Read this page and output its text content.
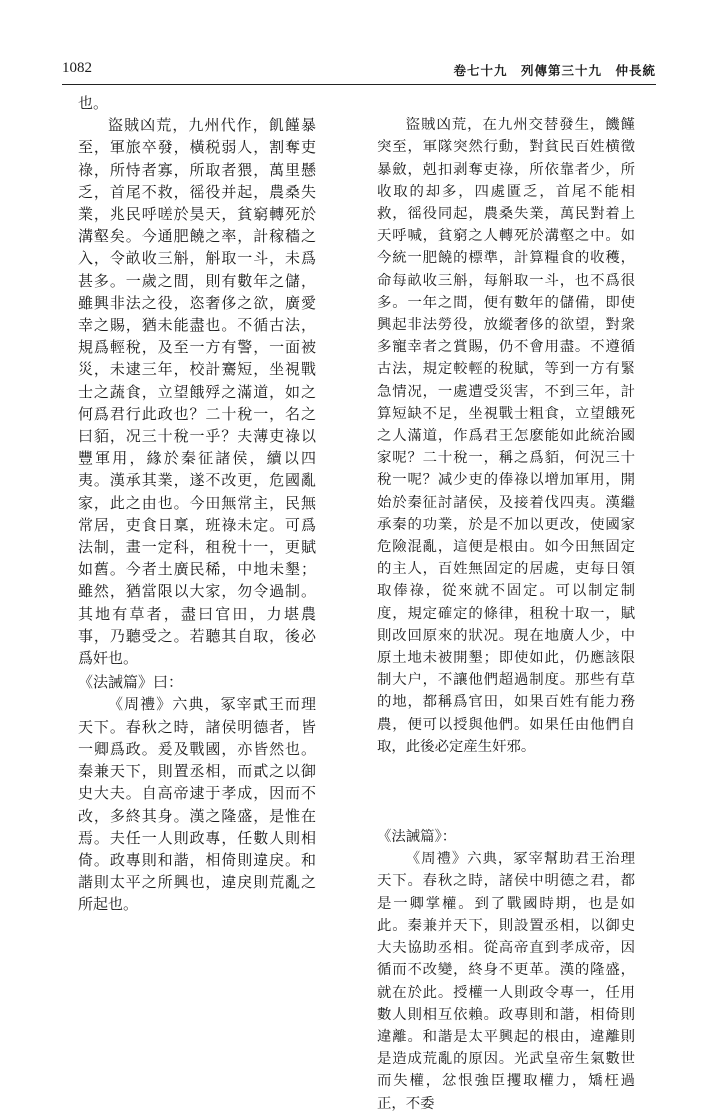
1082	卷七十九　列傳第三十九　仲長統

也。

盜賊凶荒，九州代作，飢饉暴至，軍旅卒發，橫税弱人，割奪吏祿，所恃者寡，所取者猥，萬里懸乏，首尾不救，徭役并起，農桑失業，兆民呼嗟於昊天，貧窮轉死於溝壑矣。今通肥饒之率，計稼穡之入，令畝收三斛，斛取一斗，未爲甚多。一歲之間，則有數年之儲，雖興非法之役，恣奢侈之欲，廣愛幸之賜，猶未能盡也。不循古法，規爲輕稅，及至一方有警，一面被災，未逮三年，校計騫短，坐視戰士之蔬食，立望餓殍之滿道，如之何爲君行此政也？二十稅一，名之曰貊，况三十稅一乎？夫薄吏祿以豐軍用，緣於秦征諸侯，續以四夷。漢承其業，遂不改更，危國亂家，此之由也。今田無常主，民無常居，吏食日稟，班祿未定。可爲法制，畫一定科，租稅十一，更賦如舊。今者土廣民稀，中地未墾；雖然，猶當限以大家，勿令過制。其地有草者，盡曰官田，力堪農事，乃聽受之。若聽其自取，後必爲奸也。

《法誡篇》曰：

《周禮》六典，冢宰貳王而理天下。春秋之時，諸侯明德者，皆一卿爲政。爰及戰國，亦皆然也。秦兼天下，則置丞相，而貳之以御史大夫。自高帝逮于孝成，因而不改，多終其身。漢之隆盛，是惟在焉。夫任一人則政專，任數人則相倚。政專則和諧，相倚則違戾。和諧則太平之所興也，違戾則荒亂之所起也。

盜賊凶荒，在九州交替發生，饑饉突至，軍隊突然行動，對貧民百姓横徵暴斂，剋扣剥奪吏祿，所依靠者少，所收取的却多，四處匱乏，首尾不能相救，徭役同起，農桑失業，萬民對着上天呼喊，貧窮之人轉死於溝壑之中。如今統一肥饒的標準，計算糧食的收穫，命每畝收三斛，每斛取一斗，也不爲很多。一年之間，便有數年的儲備，即使興起非法勞役，放縱奢侈的欲望，對衆多寵幸者之賞賜，仍不會用盡。不遵循古法，規定較輕的稅賦，等到一方有緊急情况，一處遭受災害，不到三年，計算短缺不足，坐視戰士粗食，立望餓死之人滿道，作爲君王怎麽能如此統治國家呢？二十稅一，稱之爲貊，何況三十稅一呢？减少吏的俸祿以增加軍用，開始於秦征討諸侯，及接着伐四夷。漢繼承秦的功業，於是不加以更改，使國家危險混亂，這便是根由。如今田無固定的主人，百姓無固定的居處，吏每日領取俸祿，從來就不固定。可以制定制度，規定確定的條律，租稅十取一，賦則改回原來的狀况。現在地廣人少，中原土地未被開墾；即使如此，仍應該限制大户，不讓他們超過制度。那些有草的地，都稱爲官田，如果百姓有能力務農，便可以授與他們。如果任由他們自取，此後必定産生奸邪。

《法誡篇》：

《周禮》六典，冢宰幫助君王治理天下。春秋之時，諸侯中明德之君，都是一卿掌權。到了戰國時期，也是如此。秦兼并天下，則設置丞相，以御史大夫協助丞相。從高帝直到孝成帝，因循而不改變，終身不更革。漢的隆盛，就在於此。授權一人則政令專一，任用數人則相互依賴。政專則和諧，相倚則違離。和諧是太平興起的根由，違離則是造成荒亂的原因。光武皇帝生氣數世而失權，忿恨強臣攫取權力，矯枉過正，不委
